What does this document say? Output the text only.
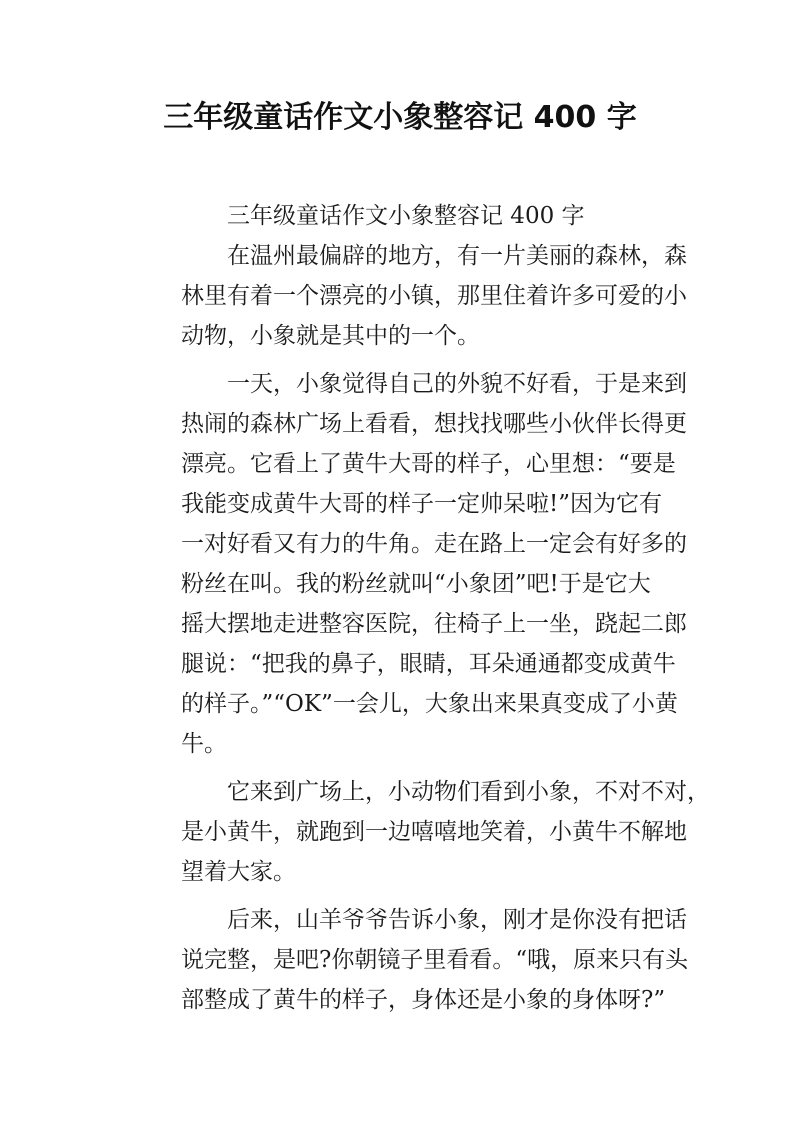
三年级童话作文小象整容记 400 字

三年级童话作文小象整容记 400 字

在温州最偏辟的地方，有一片美丽的森林，森
林里有着一个漂亮的小镇，那里住着许多可爱的小
动物，小象就是其中的一个。

一天，小象觉得自己的外貌不好看，于是来到
热闹的森林广场上看看，想找找哪些小伙伴长得更
漂亮。它看上了黄牛大哥的样子，心里想：“要是
我能变成黄牛大哥的样子一定帅呆啦!”因为它有
一对好看又有力的牛角。走在路上一定会有好多的
粉丝在叫。我的粉丝就叫“小象团”吧!于是它大
摇大摆地走进整容医院，往椅子上一坐，跷起二郎
腿说：“把我的鼻子，眼睛，耳朵通通都变成黄牛
的样子。”“OK”一会儿，大象出来果真变成了小黄
牛。

它来到广场上，小动物们看到小象，不对不对，
是小黄牛，就跑到一边嘻嘻地笑着，小黄牛不解地
望着大家。

后来，山羊爷爷告诉小象，刚才是你没有把话
说完整，是吧?你朝镜子里看看。“哦，原来只有头
部整成了黄牛的样子，身体还是小象的身体呀?”
